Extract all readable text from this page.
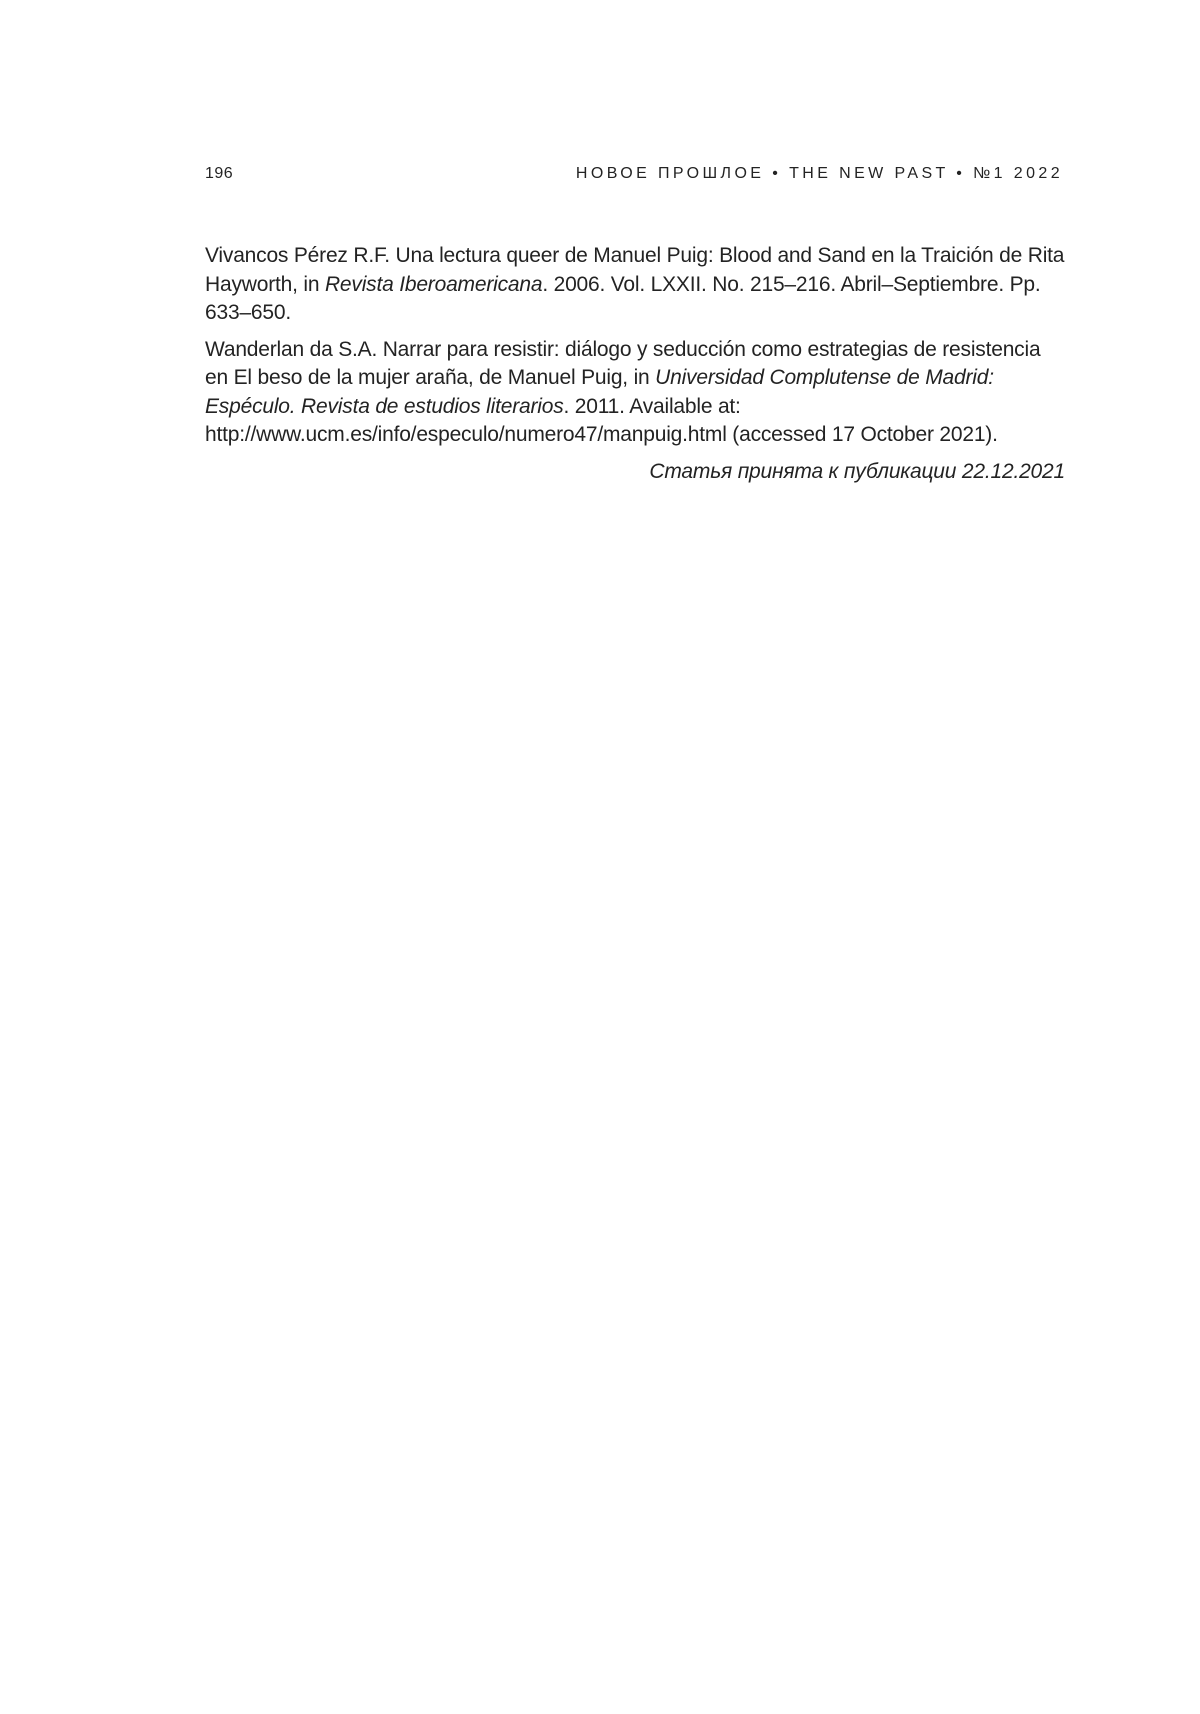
196	НОВОЕ ПРОШЛОЕ • THE NEW PAST • №1 2022

Vivancos Pérez R.F. Una lectura queer de Manuel Puig: Blood and Sand en la Traición de Rita Hayworth, in Revista Iberoamericana. 2006. Vol. LXXII. No. 215–216. Abril–Septiembre. Pp. 633–650.

Wanderlan da S.A. Narrar para resistir: diálogo y seducción como estrategias de resistencia en El beso de la mujer araña, de Manuel Puig, in Universidad Complutense de Madrid: Espéculo. Revista de estudios literarios. 2011. Available at: http://www.ucm.es/info/especulo/numero47/manpuig.html (accessed 17 October 2021).

Статья принята к публикации 22.12.2021
